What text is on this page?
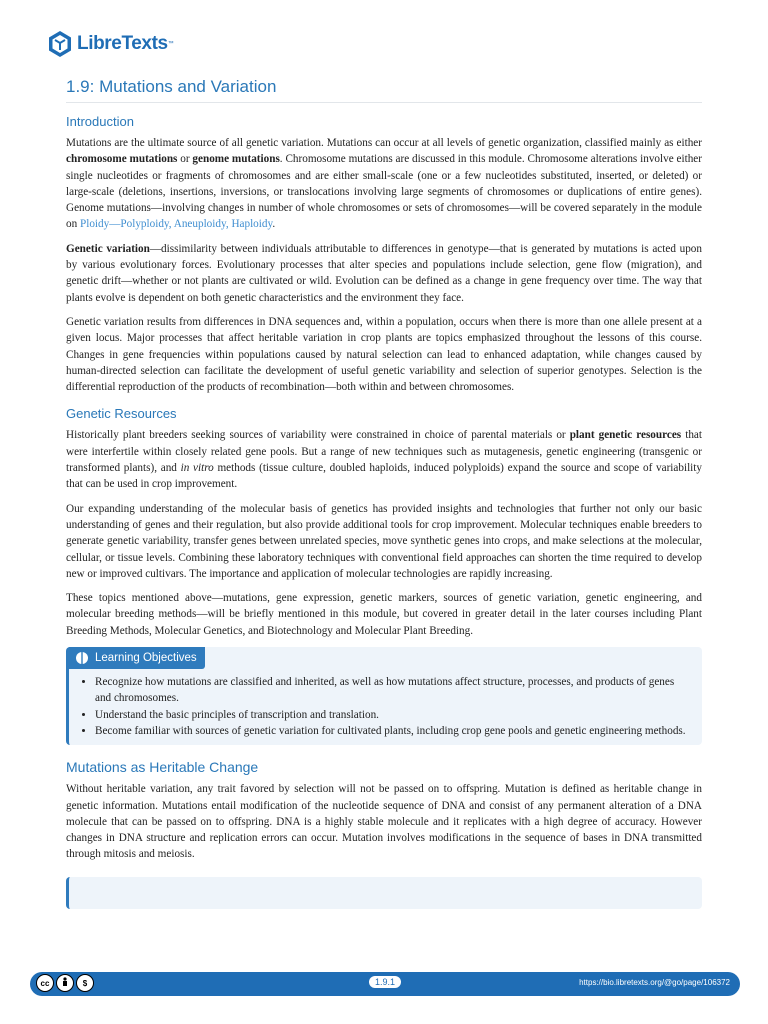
LibreTexts ™
1.9: Mutations and Variation
Introduction

Mutations are the ultimate source of all genetic variation. Mutations can occur at all levels of genetic organization, classified mainly as either chromosome mutations or genome mutations. Chromosome mutations are discussed in this module. Chromosome alterations involve either single nucleotides or fragments of chromosomes and are either small-scale (one or a few nucleotides substituted, inserted, or deleted) or large-scale (deletions, insertions, inversions, or translocations involving large segments of chromosomes or duplications of entire genes). Genome mutations—involving changes in number of whole chromosomes or sets of chromosomes—will be covered separately in the module on Ploidy—Polyploidy, Aneuploidy, Haploidy.

Genetic variation—dissimilarity between individuals attributable to differences in genotype—that is generated by mutations is acted upon by various evolutionary forces. Evolutionary processes that alter species and populations include selection, gene flow (migration), and genetic drift—whether or not plants are cultivated or wild. Evolution can be defined as a change in gene frequency over time. The way that plants evolve is dependent on both genetic characteristics and the environment they face.

Genetic variation results from differences in DNA sequences and, within a population, occurs when there is more than one allele present at a given locus. Major processes that affect heritable variation in crop plants are topics emphasized throughout the lessons of this course. Changes in gene frequencies within populations caused by natural selection can lead to enhanced adaptation, while changes caused by human-directed selection can facilitate the development of useful genetic variability and selection of superior genotypes. Selection is the differential reproduction of the products of recombination—both within and between chromosomes.

Genetic Resources

Historically plant breeders seeking sources of variability were constrained in choice of parental materials or plant genetic resources that were interfertile within closely related gene pools. But a range of new techniques such as mutagenesis, genetic engineering (transgenic or transformed plants), and in vitro methods (tissue culture, doubled haploids, induced polyploids) expand the source and scope of variability that can be used in crop improvement.

Our expanding understanding of the molecular basis of genetics has provided insights and technologies that further not only our basic understanding of genes and their regulation, but also provide additional tools for crop improvement. Molecular techniques enable breeders to generate genetic variability, transfer genes between unrelated species, move synthetic genes into crops, and make selections at the molecular, cellular, or tissue levels. Combining these laboratory techniques with conventional field approaches can shorten the time required to develop new or improved cultivars. The importance and application of molecular technologies are rapidly increasing.

These topics mentioned above—mutations, gene expression, genetic markers, sources of genetic variation, genetic engineering, and molecular breeding methods—will be briefly mentioned in this module, but covered in greater detail in the later courses including Plant Breeding Methods, Molecular Genetics, and Biotechnology and Molecular Plant Breeding.

Learning Objectives
• Recognize how mutations are classified and inherited, as well as how mutations affect structure, processes, and products of genes and chromosomes.
• Understand the basic principles of transcription and translation.
• Become familiar with sources of genetic variation for cultivated plants, including crop gene pools and genetic engineering methods.
Mutations as Heritable Change

Without heritable variation, any trait favored by selection will not be passed on to offspring. Mutation is defined as heritable change in genetic information. Mutations entail modification of the nucleotide sequence of DNA and consist of any permanent alteration of a DNA molecule that can be passed on to offspring. DNA is a highly stable molecule and it replicates with a high degree of accuracy. However changes in DNA structure and replication errors can occur. Mutation involves modifications in the sequence of bases in DNA transmitted through mitosis and meiosis.

cc	$	1.9.1	https://bio.libretexts.org/@go/page/106372
